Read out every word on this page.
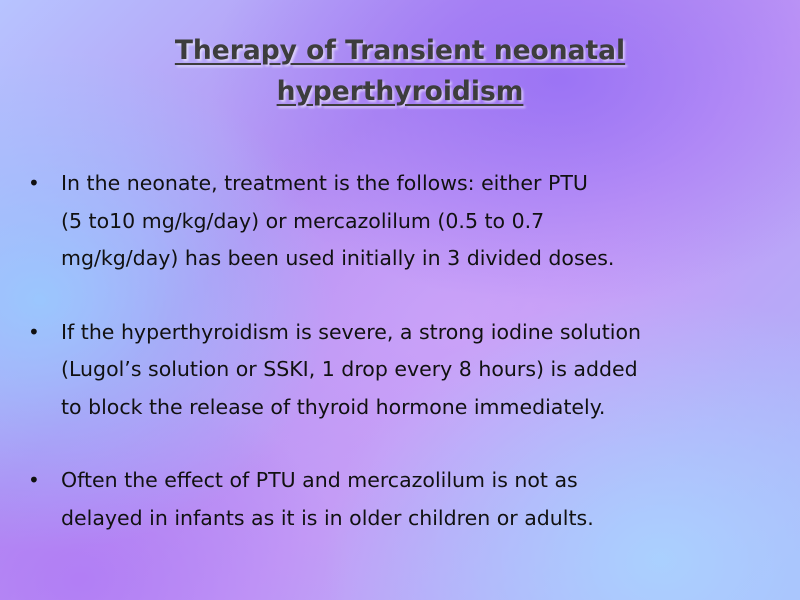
Therapy of Transient neonatal
hyperthyroidism
• In the neonate, treatment is the follows: either PTU
(5 to10 mg/kg/day) or mercazolilum (0.5 to 0.7
mg/kg/day) has been used initially in 3 divided doses.
• If the hyperthyroidism is severe, a strong iodine solution
(Lugol’s solution or SSKI, 1 drop every 8 hours) is added
to block the release of thyroid hormone immediately.
• Often the effect of PTU and mercazolilum is not as
delayed in infants as it is in older children or adults.
